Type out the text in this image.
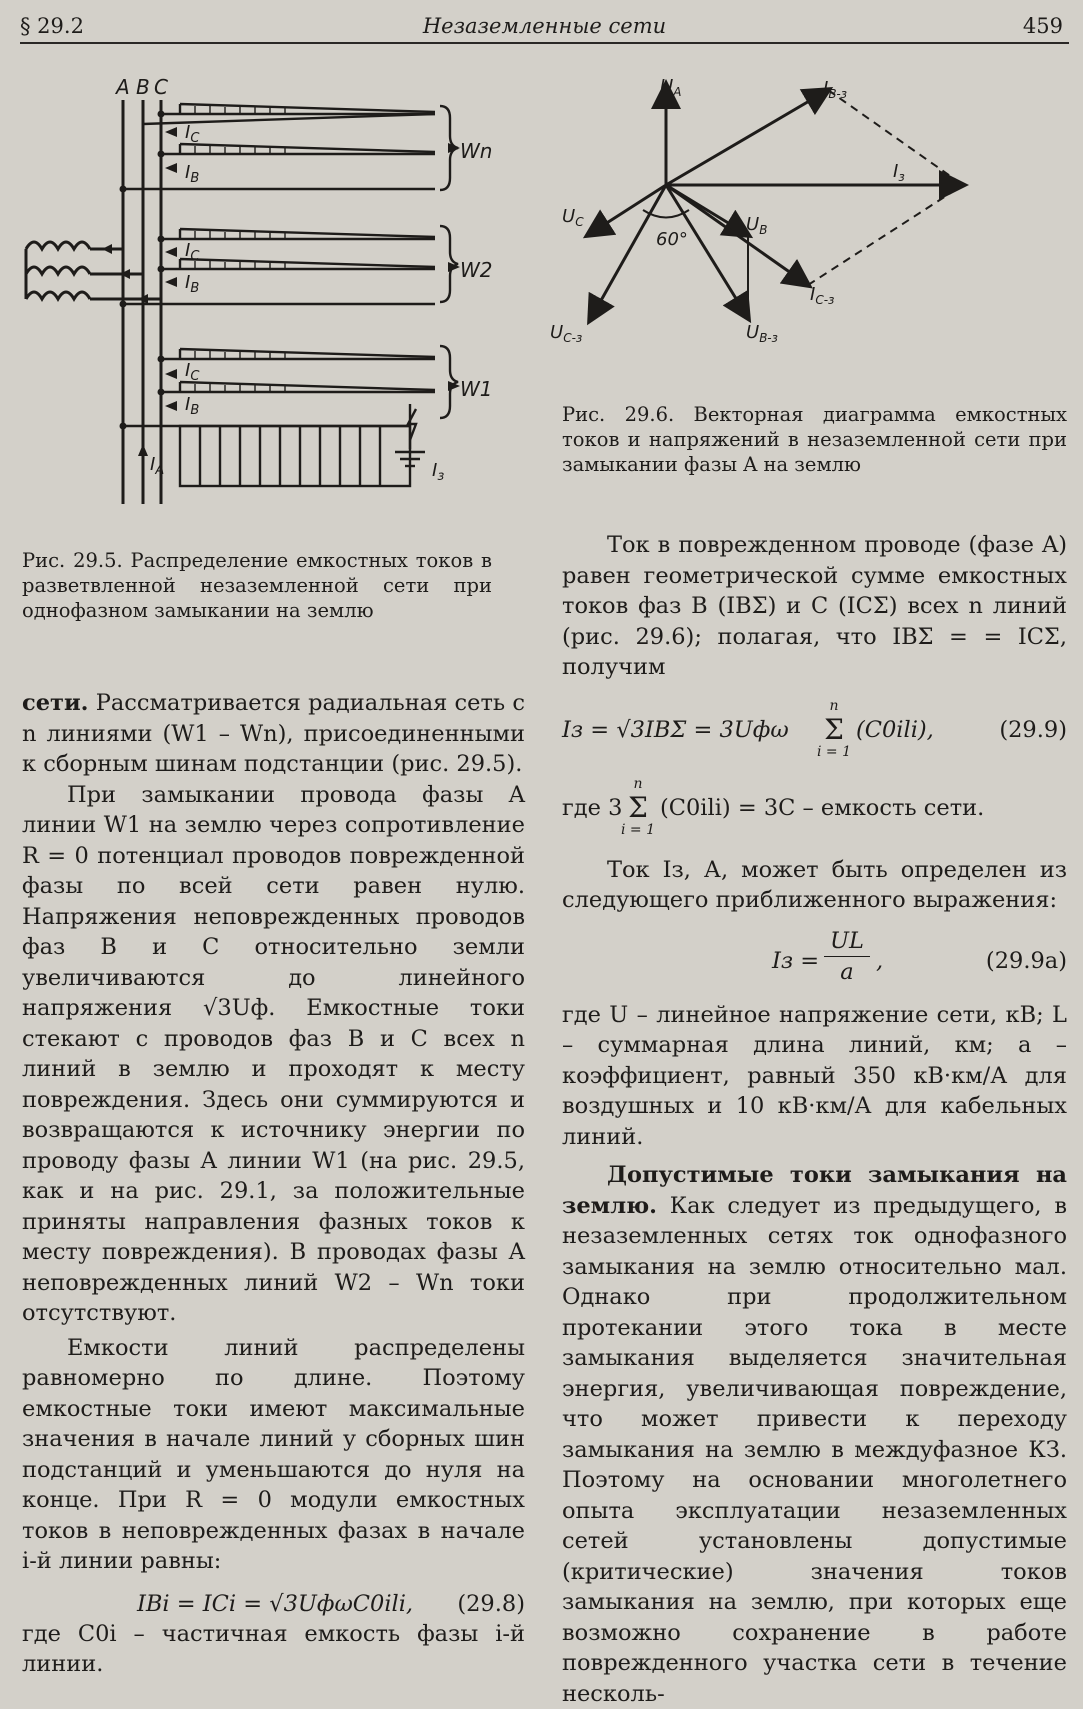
§ 29.2	Незаземленные сети	459
A B C
Wn
W2
W1
$I_C$
$I_B$
$I_C$
$I_B$
$I_C$
$I_B$
$I_A$	$I_з$
Рис. 29.5. Распределение емкостных токов в разветвленной незаземленной сети при однофазном замыкании на землю
$U_A$	$I_{B-з}$
$I_з$
$U_C$	$U_B$
60°
$I_{C-з}$
$U_{C-з}$	$U_{B-з}$
Рис. 29.6. Векторная диаграмма емкостных токов и напряжений в незаземленной сети при замыкании фазы A на землю

сети. Рассматривается радиальная сеть с n линиями (W1 – Wn), присоединенными к сборным шинам подстанции (рис. 29.5).

При замыкании провода фазы A линии W1 на землю через сопротивление R = 0 потенциал проводов поврежденной фазы по всей сети равен нулю. Напряжения неповрежденных проводов фаз B и C относительно земли увеличиваются до линейного напряжения √3Uф. Емкостные токи стекают с проводов фаз B и C всех n линий в землю и проходят к месту повреждения. Здесь они суммируются и возвращаются к источнику энергии по проводу фазы A линии W1 (на рис. 29.5, как и на рис. 29.1, за положительные приняты направления фазных токов к месту повреждения). В проводах фазы A неповрежденных линий W2 – Wn токи отсутствуют.

Емкости линий распределены равномерно по длине. Поэтому емкостные токи имеют максимальные значения в начале линий у сборных шин подстанций и уменьшаются до нуля на конце. При R = 0 модули емкостных токов в неповрежденных фазах в начале i-й линии равны:

IBi = ICi = √3UфωC0ili, (29.8)

где C0i – частичная емкость фазы i-й линии.

Ток в поврежденном проводе (фазе A) равен геометрической сумме емкостных токов фаз B (IBΣ) и C (ICΣ) всех n линий (рис. 29.6); полагая, что IBΣ = = ICΣ, получим

Iз = √3IBΣ = 3Uфω Σ
n
i = 1
(C0ili),	(29.9)
где 3 Σ
n
i = 1
(C0ili) = 3C – емкость сети.

Ток Iз, А, может быть определен из следующего приближенного выражения:

Iз = $\frac{UL}{a}$ ,	(29.9а)

где U – линейное напряжение сети, кВ; L – суммарная длина линий, км; a – коэффициент, равный 350 кВ·км/А для воздушных и 10 кВ·км/А для кабельных линий.

Допустимые токи замыкания на землю. Как следует из предыдущего, в незаземленных сетях ток однофазного замыкания на землю относительно мал. Однако при продолжительном протекании этого тока в месте замыкания выделяется значительная энергия, увеличивающая повреждение, что может привести к переходу замыкания на землю в междуфазное КЗ. Поэтому на основании многолетнего опыта эксплуатации незаземленных сетей установлены допустимые (критические) значения токов замыкания на землю, при которых еще возможно сохранение в работе поврежденного участка сети в течение несколь-
